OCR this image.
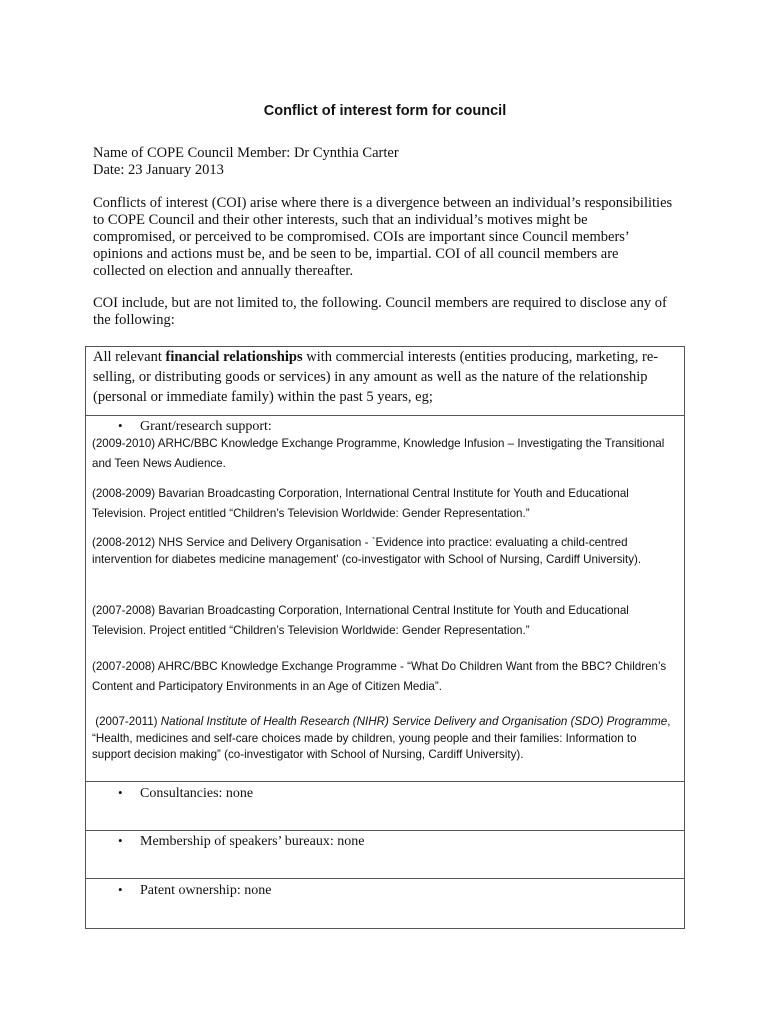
Conflict of interest form for council
Name of COPE Council Member: Dr Cynthia Carter
Date: 23 January 2013
Conflicts of interest (COI) arise where there is a divergence between an individual’s responsibilities to COPE Council and their other interests, such that an individual’s motives might be compromised, or perceived to be compromised. COIs are important since Council members’ opinions and actions must be, and be seen to be, impartial. COI of all council members are collected on election and annually thereafter.
COI include, but are not limited to, the following. Council members are required to disclose any of the following:
All relevant financial relationships with commercial interests (entities producing, marketing, re-selling, or distributing goods or services) in any amount as well as the nature of the relationship (personal or immediate family) within the past 5 years, eg;
• Grant/research support:
(2009-2010) ARHC/BBC Knowledge Exchange Programme, Knowledge Infusion – Investigating the Transitional and Teen News Audience.
(2008-2009) Bavarian Broadcasting Corporation, International Central Institute for Youth and Educational Television. Project entitled “Children’s Television Worldwide: Gender Representation.”
(2008-2012) NHS Service and Delivery Organisation - `Evidence into practice: evaluating a child-centred intervention for diabetes medicine management' (co-investigator with School of Nursing, Cardiff University).
(2007-2008) Bavarian Broadcasting Corporation, International Central Institute for Youth and Educational Television. Project entitled “Children’s Television Worldwide: Gender Representation.”
(2007-2008) AHRC/BBC Knowledge Exchange Programme - “What Do Children Want from the BBC? Children’s Content and Participatory Environments in an Age of Citizen Media”.
(2007-2011) National Institute of Health Research (NIHR) Service Delivery and Organisation (SDO) Programme, “Health, medicines and self-care choices made by children, young people and their families: Information to support decision making” (co-investigator with School of Nursing, Cardiff University).
• Consultancies: none
• Membership of speakers’ bureaux: none
• Patent ownership: none
